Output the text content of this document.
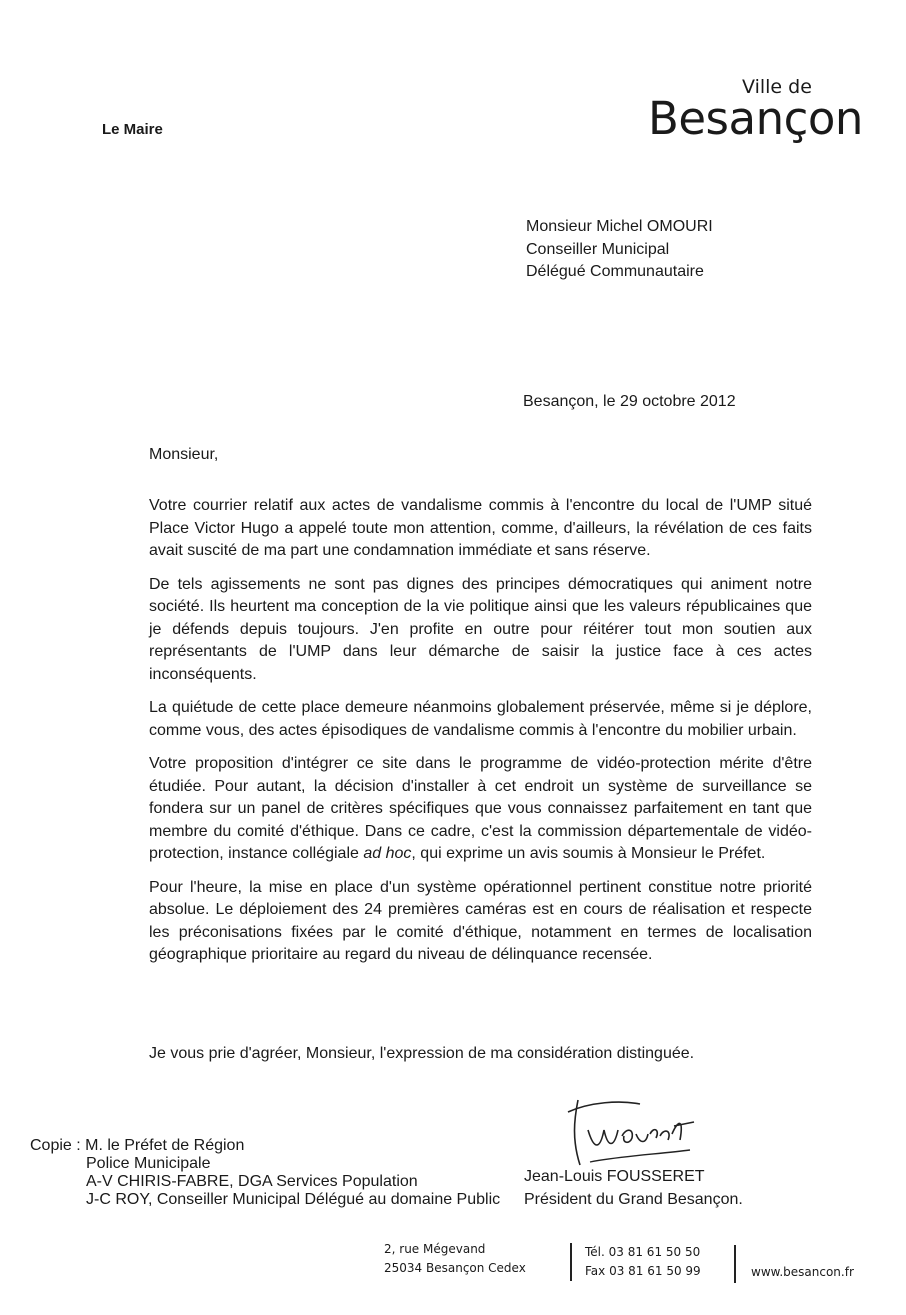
Le Maire
Ville de
Besançon
Monsieur Michel OMOURI
Conseiller Municipal
Délégué Communautaire
Besançon, le 29 octobre 2012
Monsieur,

Votre courrier relatif aux actes de vandalisme commis à l'encontre du local de l'UMP situé Place Victor Hugo a appelé toute mon attention, comme, d'ailleurs, la révélation de ces faits avait suscité de ma part une condamnation immédiate et sans réserve.

De tels agissements ne sont pas dignes des principes démocratiques qui animent notre société. Ils heurtent ma conception de la vie politique ainsi que les valeurs républicaines que je défends depuis toujours. J'en profite en outre pour réitérer tout mon soutien aux représentants de l'UMP dans leur démarche de saisir la justice face à ces actes inconséquents.

La quiétude de cette place demeure néanmoins globalement préservée, même si je déplore, comme vous, des actes épisodiques de vandalisme commis à l'encontre du mobilier urbain.

Votre proposition d'intégrer ce site dans le programme de vidéo-protection mérite d'être étudiée. Pour autant, la décision d'installer à cet endroit un système de surveillance se fondera sur un panel de critères spécifiques que vous connaissez parfaitement en tant que membre du comité d'éthique. Dans ce cadre, c'est la commission départementale de vidéo-protection, instance collégiale ad hoc, qui exprime un avis soumis à Monsieur le Préfet.

Pour l'heure, la mise en place d'un système opérationnel pertinent constitue notre priorité absolue. Le déploiement des 24 premières caméras est en cours de réalisation et respecte les préconisations fixées par le comité d'éthique, notamment en termes de localisation géographique prioritaire au regard du niveau de délinquance recensée.

Je vous prie d'agréer, Monsieur, l'expression de ma considération distinguée.
Copie : M. le Préfet de Région
Police Municipale
A-V CHIRIS-FABRE, DGA Services Population
J-C ROY, Conseiller Municipal Délégué au domaine Public
Jean-Louis FOUSSERET
Président du Grand Besançon.
2, rue Mégevand
25034 Besançon Cedex
Tél. 03 81 61 50 50
Fax 03 81 61 50 99	www.besancon.fr
